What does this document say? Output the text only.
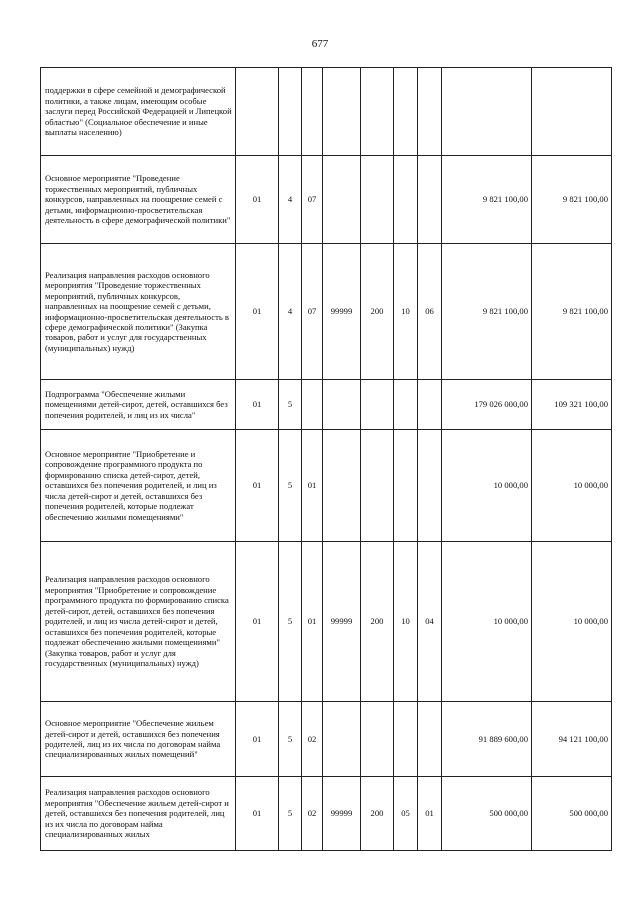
677
поддержки в сфере семейной и демографической политики, а также лицам, имеющим особые заслуги перед Российской Федерацией и Липецкой областью" (Социальное обеспечение и иные выплаты населению)									
Основное мероприятие "Проведение торжественных мероприятий, публичных конкурсов, направленных на поощрение семей с детьми, информационно-просветительская деятельность в сфере демографической политики"	01	4	07					9 821 100,00	9 821 100,00
Реализация направления расходов основного мероприятия "Проведение торжественных мероприятий, публичных конкурсов, направленных на поощрение семей с детьми, информационно-просветительская деятельность в сфере демографической политики" (Закупка товаров, работ и услуг для государственных (муниципальных) нужд)	01	4	07	99999	200	10	06	9 821 100,00	9 821 100,00
Подпрограмма "Обеспечение жилыми помещениями детей-сирот, детей, оставшихся без попечения родителей, и лиц из их числа"	01	5						179 026 000,00	109 321 100,00
Основное мероприятие "Приобретение и сопровождение программного продукта по формированию списка детей-сирот, детей, оставшихся без попечения родителей, и лиц из числа детей-сирот и детей, оставшихся без попечения родителей, которые подлежат обеспечению жилыми помещениями"	01	5	01					10 000,00	10 000,00
Реализация направления расходов основного мероприятия "Приобретение и сопровождение программного продукта по формированию списка детей-сирот, детей, оставшихся без попечения родителей, и лиц из числа детей-сирот и детей, оставшихся без попечения родителей, которые подлежат обеспечению жилыми помещениями" (Закупка товаров, работ и услуг для государственных (муниципальных) нужд)	01	5	01	99999	200	10	04	10 000,00	10 000,00
Основное мероприятие "Обеспечение жильем детей-сирот и детей, оставшихся без попечения родителей, лиц из их числа по договорам найма специализированных жилых помещений"	01	5	02					91 889 600,00	94 121 100,00
Реализация направления расходов основного мероприятия "Обеспечение жильем детей-сирот и детей, оставшихся без попечения родителей, лиц из их числа по договорам найма специализированных жилых	01	5	02	99999	200	05	01	500 000,00	500 000,00
